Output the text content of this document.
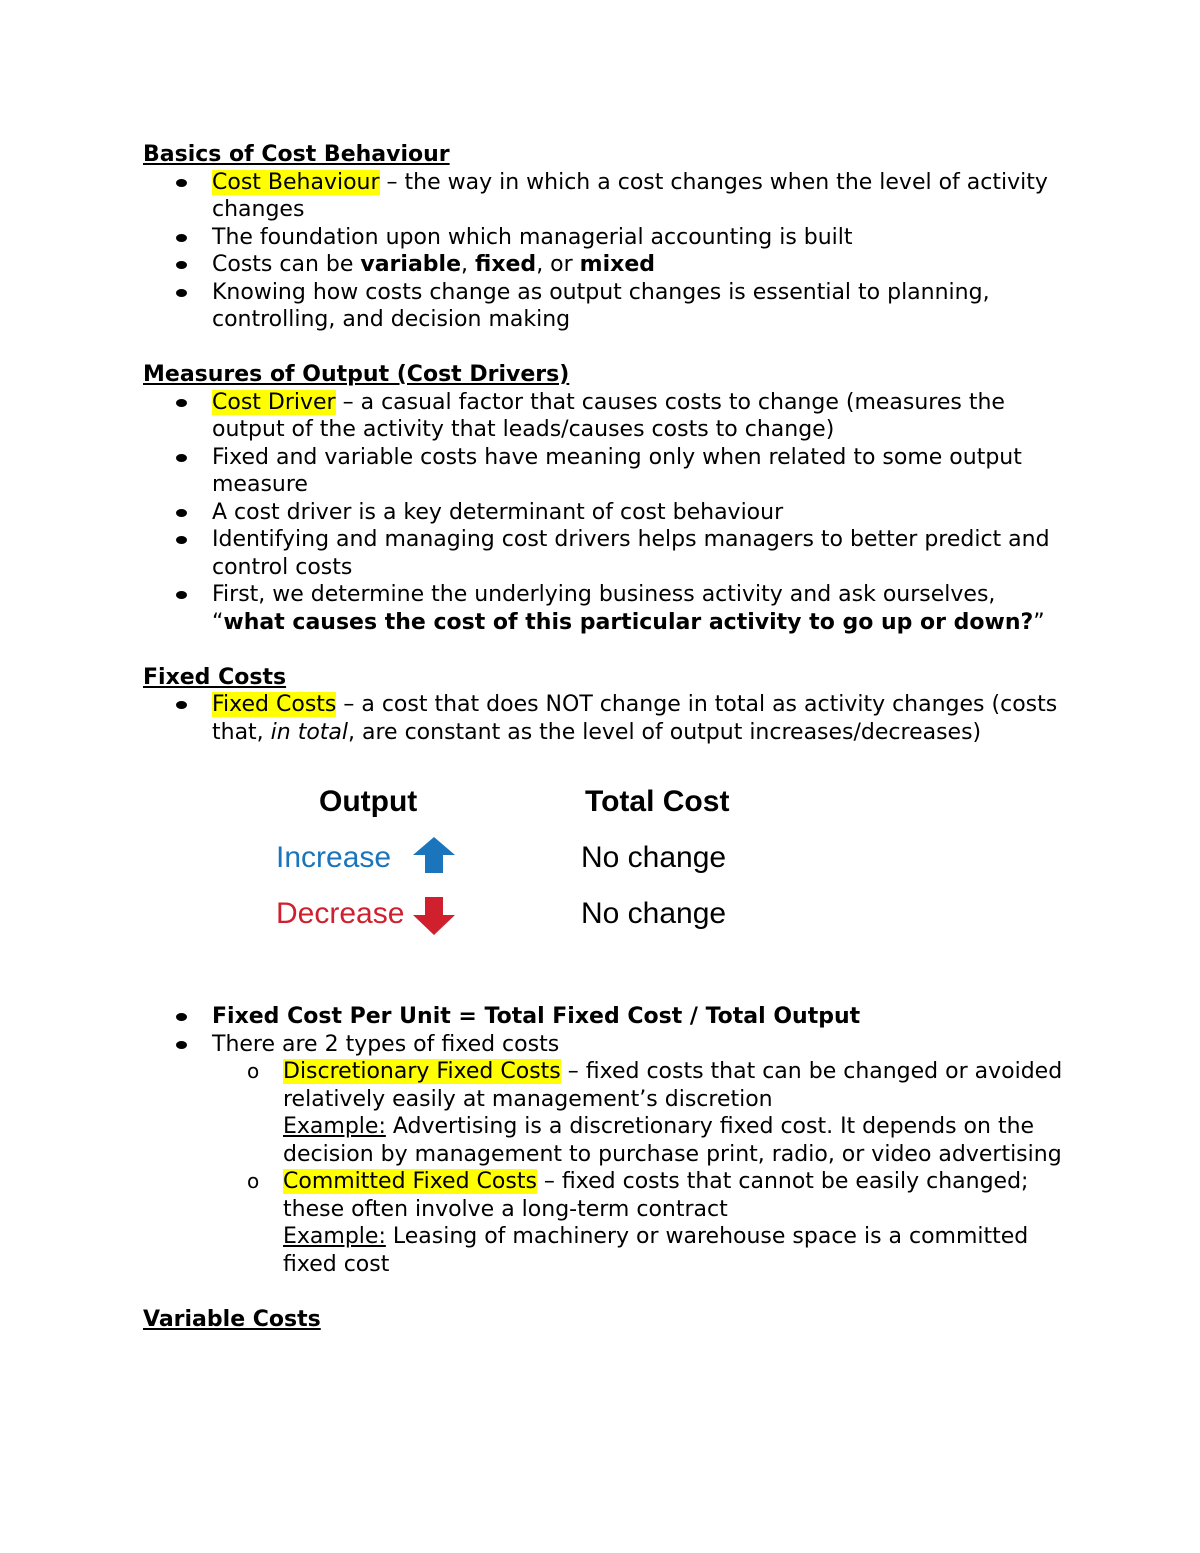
Basics of Cost Behaviour

Cost Behaviour – the way in which a cost changes when the level of activity changes
The foundation upon which managerial accounting is built
Costs can be variable, fixed, or mixed
Knowing how costs change as output changes is essential to planning, controlling, and decision making

Measures of Output (Cost Drivers)

Cost Driver – a casual factor that causes costs to change (measures the output of the activity that leads/causes costs to change)
Fixed and variable costs have meaning only when related to some output measure
A cost driver is a key determinant of cost behaviour
Identifying and managing cost drivers helps managers to better predict and control costs
First, we determine the underlying business activity and ask ourselves, “what causes the cost of this particular activity to go up or down?”

Fixed Costs

Fixed Costs – a cost that does NOT change in total as activity changes (costs that, in total, are constant as the level of output increases/decreases)
Output	Total Cost
Increase	No change
Decrease	No change
Fixed Cost Per Unit = Total Fixed Cost / Total Output
There are 2 types of fixed costs
o Discretionary Fixed Costs – fixed costs that can be changed or avoided relatively easily at management’s discretion
Example: Advertising is a discretionary fixed cost. It depends on the decision by management to purchase print, radio, or video advertising
o Committed Fixed Costs – fixed costs that cannot be easily changed; these often involve a long-term contract
Example: Leasing of machinery or warehouse space is a committed fixed cost

Variable Costs
